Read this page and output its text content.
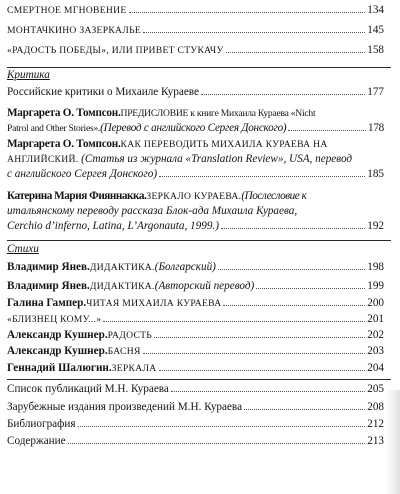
СМЕРТНОЕ МГНОВЕНИЕ	134
МОНТАЧКИНО ЗАЗЕРКАЛЬЕ	145
«РАДОСТЬ ПОБЕДЫ», ИЛИ ПРИВЕТ СТУКАЧУ	158
Критика
Российские критики о Михаиле Кураеве	177
Маргарета О. Томпсон. ПРЕДИСЛОВИЕ к книге Михаила Кураева «Nicht
Patrol and Other Stories». (Перевод с английского Сергея Донского)	178
Маргарета О. Томпсон. КАК ПЕРЕВОДИТЬ МИХАИЛА КУРАЕВА НА
АНГЛИЙСКИЙ. (Статья из журнала «Translation Review», USA, перевод
с английского Сергея Донского)	185
Катерина Мария Фияннакка. ЗЕРКАЛО КУРАЕВА. (Послесловие к
итальянскому переводу рассказа Блок-ада Михаила Кураева,
Cerchio d’inferno, Latina, L’Argonauta, 1999.)	192
Стихи
Владимир Янев. ДИДАКТИКА. (Болгарский)	198
Владимир Янев. ДИДАКТИКА. (Авторский перевод)	199
Галина Гампер. ЧИТАЯ МИХАИЛА КУРАЕВА	200
«БЛИЗНЕЦ КОМУ...»	201
Александр Кушнер. РАДОСТЬ	202
Александр Кушнер. БАСНЯ	203
Геннадий Шалюгин. ЗЕРКАЛА	204
Список публикаций М.Н. Кураева	205
Зарубежные издания произведений М.Н. Кураева	208
Библиография	212
Содержание	213
